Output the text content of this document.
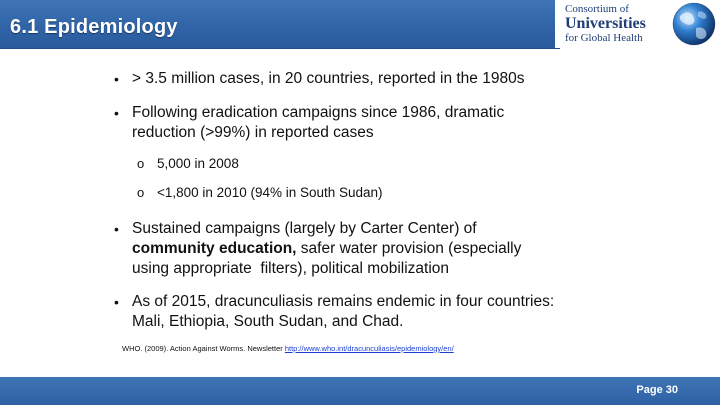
6.1 Epidemiology
Consortium of
Universities
for Global Health
• > 3.5 million cases, in 20 countries, reported in the 1980s
• Following eradication campaigns since 1986, dramatic
reduction (>99%) in reported cases
o 5,000 in 2008
o <1,800 in 2010 (94% in South Sudan)
• Sustained campaigns (largely by Carter Center) of
community education, safer water provision (especially
using appropriate  filters), political mobilization
• As of 2015, dracunculiasis remains endemic in four countries:
Mali, Ethiopia, South Sudan, and Chad.
WHO. (2009). Action Against Worms. Newsletter http://www.who.int/dracunculiasis/epidemiology/en/
Page 30
